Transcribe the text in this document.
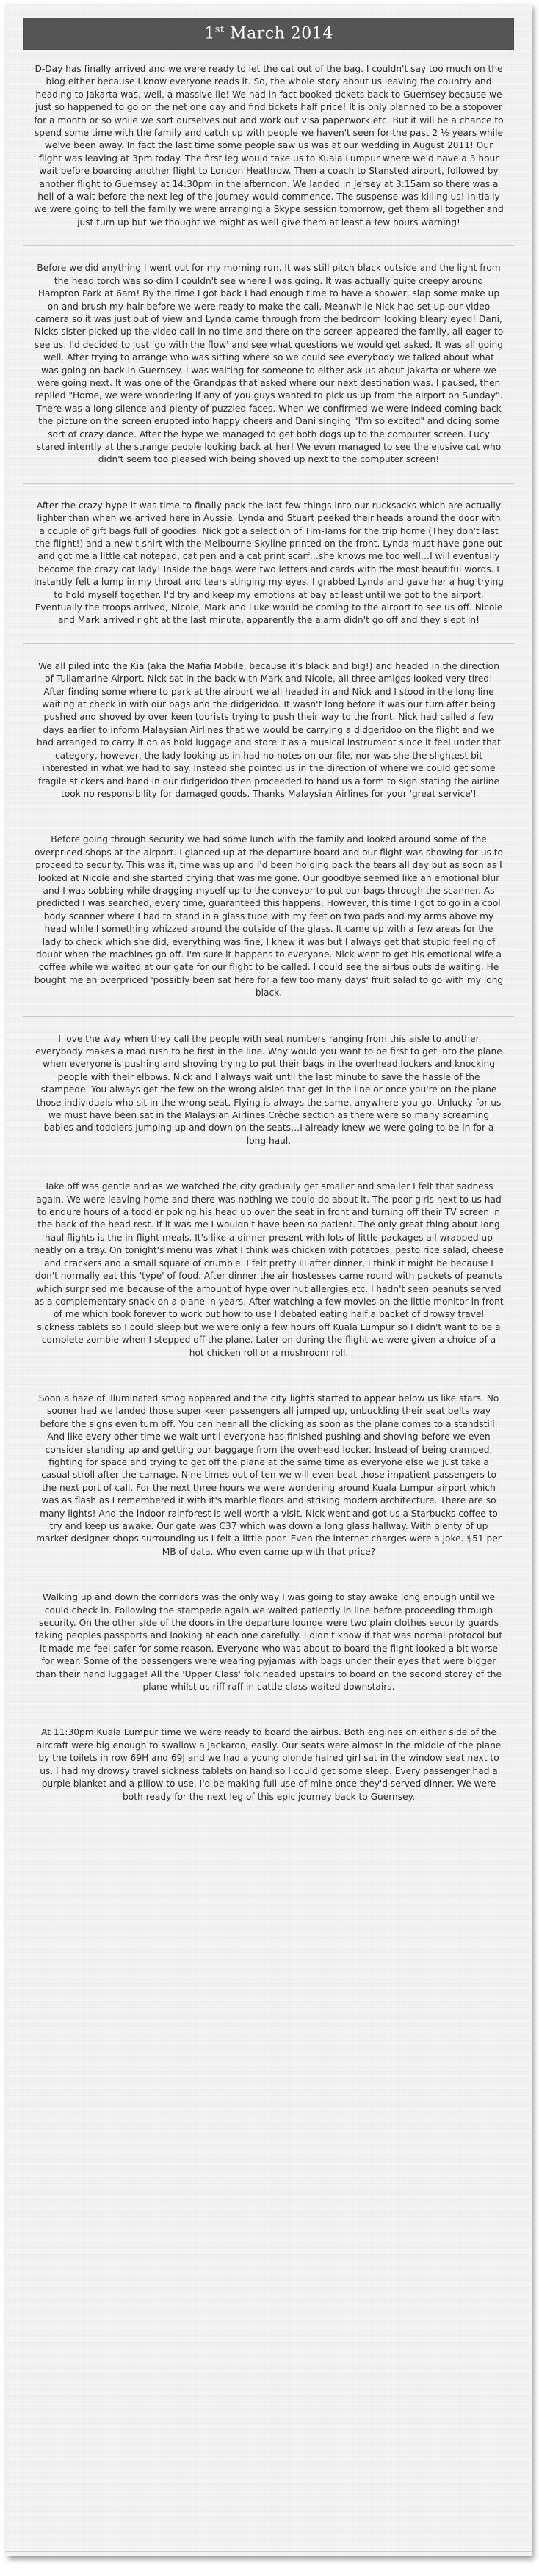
1st March 2014

D-Day has finally arrived and we were ready to let the cat out of the bag. I couldn't say too much on the blog either because I know everyone reads it. So, the whole story about us leaving the country and heading to Jakarta was, well, a massive lie! We had in fact booked tickets back to Guernsey because we just so happened to go on the net one day and find tickets half price! It is only planned to be a stopover for a month or so while we sort ourselves out and work out visa paperwork etc. But it will be a chance to spend some time with the family and catch up with people we haven't seen for the past 2 ½ years while we've been away. In fact the last time some people saw us was at our wedding in August 2011! Our flight was leaving at 3pm today. The first leg would take us to Kuala Lumpur where we'd have a 3 hour wait before boarding another flight to London Heathrow. Then a coach to Stansted airport, followed by another flight to Guernsey at 14:30pm in the afternoon. We landed in Jersey at 3:15am so there was a hell of a wait before the next leg of the journey would commence. The suspense was killing us! Initially we were going to tell the family we were arranging a Skype session tomorrow, get them all together and just turn up but we thought we might as well give them at least a few hours warning!

Before we did anything I went out for my morning run. It was still pitch black outside and the light from the head torch was so dim I couldn't see where I was going. It was actually quite creepy around Hampton Park at 6am! By the time I got back I had enough time to have a shower, slap some make up on and brush my hair before we were ready to make the call. Meanwhile Nick had set up our video camera so it was just out of view and Lynda came through from the bedroom looking bleary eyed! Dani, Nicks sister picked up the video call in no time and there on the screen appeared the family, all eager to see us. I'd decided to just 'go with the flow' and see what questions we would get asked. It was all going well. After trying to arrange who was sitting where so we could see everybody we talked about what was going on back in Guernsey. I was waiting for someone to either ask us about Jakarta or where we were going next. It was one of the Grandpas that asked where our next destination was. I paused, then replied "Home, we were wondering if any of you guys wanted to pick us up from the airport on Sunday". There was a long silence and plenty of puzzled faces. When we confirmed we were indeed coming back the picture on the screen erupted into happy cheers and Dani singing "I'm so excited" and doing some sort of crazy dance. After the hype we managed to get both dogs up to the computer screen. Lucy stared intently at the strange people looking back at her! We even managed to see the elusive cat who didn't seem too pleased with being shoved up next to the computer screen!

After the crazy hype it was time to finally pack the last few things into our rucksacks which are actually lighter than when we arrived here in Aussie. Lynda and Stuart peeked their heads around the door with a couple of gift bags full of goodies. Nick got a selection of Tim-Tams for the trip home (They don't last the flight!) and a new t-shirt with the Melbourne Skyline printed on the front. Lynda must have gone out and got me a little cat notepad, cat pen and a cat print scarf…she knows me too well…I will eventually become the crazy cat lady! Inside the bags were two letters and cards with the most beautiful words. I instantly felt a lump in my throat and tears stinging my eyes. I grabbed Lynda and gave her a hug trying to hold myself together. I'd try and keep my emotions at bay at least until we got to the airport. Eventually the troops arrived, Nicole, Mark and Luke would be coming to the airport to see us off. Nicole and Mark arrived right at the last minute, apparently the alarm didn't go off and they slept in!

We all piled into the Kia (aka the Mafia Mobile, because it's black and big!) and headed in the direction of Tullamarine Airport. Nick sat in the back with Mark and Nicole, all three amigos looked very tired! After finding some where to park at the airport we all headed in and Nick and I stood in the long line waiting at check in with our bags and the didgeridoo. It wasn't long before it was our turn after being pushed and shoved by over keen tourists trying to push their way to the front. Nick had called a few days earlier to inform Malaysian Airlines that we would be carrying a didgeridoo on the flight and we had arranged to carry it on as hold luggage and store it as a musical instrument since it feel under that category, however, the lady looking us in had no notes on our file, nor was she the slightest bit interested in what we had to say. Instead she pointed us in the direction of where we could get some fragile stickers and hand in our didgeridoo then proceeded to hand us a form to sign stating the airline took no responsibility for damaged goods. Thanks Malaysian Airlines for your 'great service'!

Before going through security we had some lunch with the family and looked around some of the overpriced shops at the airport. I glanced up at the departure board and our flight was showing for us to proceed to security. This was it, time was up and I'd been holding back the tears all day but as soon as I looked at Nicole and she started crying that was me gone. Our goodbye seemed like an emotional blur and I was sobbing while dragging myself up to the conveyor to put our bags through the scanner. As predicted I was searched, every time, guaranteed this happens. However, this time I got to go in a cool body scanner where I had to stand in a glass tube with my feet on two pads and my arms above my head while I something whizzed around the outside of the glass. It came up with a few areas for the lady to check which she did, everything was fine, I knew it was but I always get that stupid feeling of doubt when the machines go off. I'm sure it happens to everyone. Nick went to get his emotional wife a coffee while we waited at our gate for our flight to be called. I could see the airbus outside waiting. He bought me an overpriced 'possibly been sat here for a few too many days' fruit salad to go with my long black.

I love the way when they call the people with seat numbers ranging from this aisle to another everybody makes a mad rush to be first in the line. Why would you want to be first to get into the plane when everyone is pushing and shoving trying to put their bags in the overhead lockers and knocking people with their elbows. Nick and I always wait until the last minute to save the hassle of the stampede. You always get the few on the wrong aisles that get in the line or once you're on the plane those individuals who sit in the wrong seat. Flying is always the same, anywhere you go. Unlucky for us we must have been sat in the Malaysian Airlines Crèche section as there were so many screaming babies and toddlers jumping up and down on the seats…I already knew we were going to be in for a long haul.

Take off was gentle and as we watched the city gradually get smaller and smaller I felt that sadness again. We were leaving home and there was nothing we could do about it. The poor girls next to us had to endure hours of a toddler poking his head up over the seat in front and turning off their TV screen in the back of the head rest. If it was me I wouldn't have been so patient. The only great thing about long haul flights is the in-flight meals. It's like a dinner present with lots of little packages all wrapped up neatly on a tray. On tonight's menu was what I think was chicken with potatoes, pesto rice salad, cheese and crackers and a small square of crumble. I felt pretty ill after dinner, I think it might be because I don't normally eat this 'type' of food. After dinner the air hostesses came round with packets of peanuts which surprised me because of the amount of hype over nut allergies etc. I hadn't seen peanuts served as a complementary snack on a plane in years. After watching a few movies on the little monitor in front of me which took forever to work out how to use I debated eating half a packet of drowsy travel sickness tablets so I could sleep but we were only a few hours off Kuala Lumpur so I didn't want to be a complete zombie when I stepped off the plane. Later on during the flight we were given a choice of a hot chicken roll or a mushroom roll.

Soon a haze of illuminated smog appeared and the city lights started to appear below us like stars. No sooner had we landed those super keen passengers all jumped up, unbuckling their seat belts way before the signs even turn off. You can hear all the clicking as soon as the plane comes to a standstill. And like every other time we wait until everyone has finished pushing and shoving before we even consider standing up and getting our baggage from the overhead locker. Instead of being cramped, fighting for space and trying to get off the plane at the same time as everyone else we just take a casual stroll after the carnage. Nine times out of ten we will even beat those impatient passengers to the next port of call. For the next three hours we were wondering around Kuala Lumpur airport which was as flash as I remembered it with it's marble floors and striking modern architecture. There are so many lights! And the indoor rainforest is well worth a visit. Nick went and got us a Starbucks coffee to try and keep us awake. Our gate was C37 which was down a long glass hallway. With plenty of up market designer shops surrounding us I felt a little poor. Even the internet charges were a joke. $51 per MB of data. Who even came up with that price?

Walking up and down the corridors was the only way I was going to stay awake long enough until we could check in. Following the stampede again we waited patiently in line before proceeding through security. On the other side of the doors in the departure lounge were two plain clothes security guards taking peoples passports and looking at each one carefully. I didn't know if that was normal protocol but it made me feel safer for some reason. Everyone who was about to board the flight looked a bit worse for wear. Some of the passengers were wearing pyjamas with bags under their eyes that were bigger than their hand luggage! All the 'Upper Class' folk headed upstairs to board on the second storey of the plane whilst us riff raff in cattle class waited downstairs.

At 11:30pm Kuala Lumpur time we were ready to board the airbus. Both engines on either side of the aircraft were big enough to swallow a Jackaroo, easily. Our seats were almost in the middle of the plane by the toilets in row 69H and 69J and we had a young blonde haired girl sat in the window seat next to us. I had my drowsy travel sickness tablets on hand so I could get some sleep. Every passenger had a purple blanket and a pillow to use. I'd be making full use of mine once they'd served dinner. We were both ready for the next leg of this epic journey back to Guernsey.
